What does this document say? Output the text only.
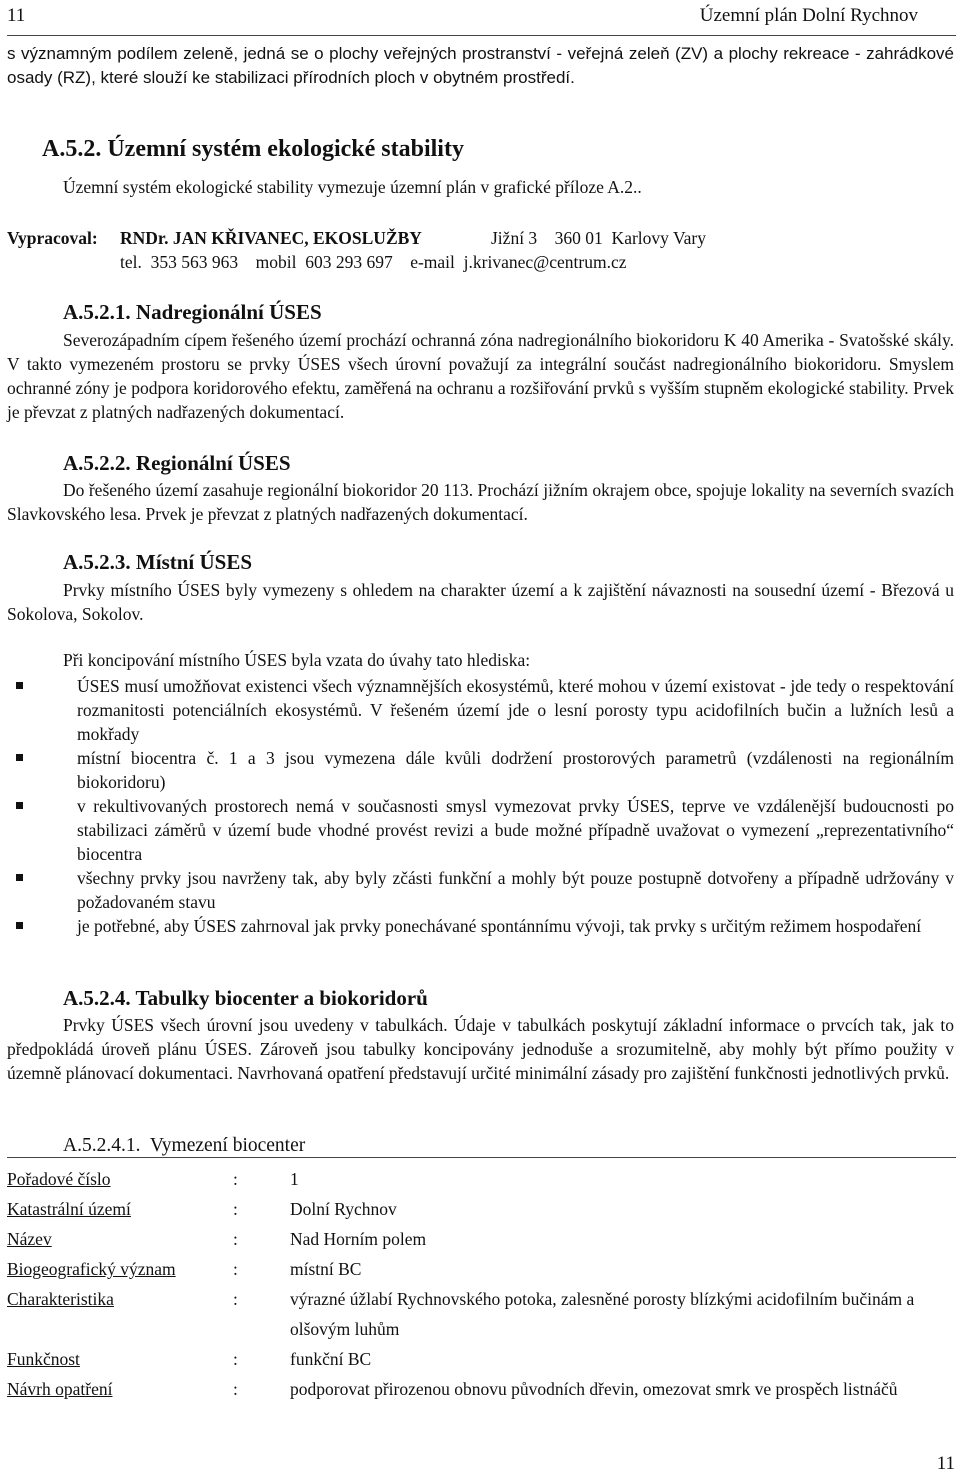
11	Územní plán Dolní Rychnov
s významným podílem zeleně, jedná se o plochy veřejných prostranství - veřejná zeleň (ZV) a plochy rekreace - zahrádkové osady (RZ), které slouží ke stabilizaci přírodních ploch v obytném prostředí.
A.5.2. Územní systém ekologické stability
Územní systém ekologické stability vymezuje územní plán v grafické příloze A.2..
Vypracoval: RNDr. JAN KŘIVANEC, EKOSLUŽBY	Jižní 3    360 01  Karlovy Vary
tel.  353 563 963    mobil  603 293 697    e-mail  j.krivanec@centrum.cz
A.5.2.1. Nadregionální ÚSES
Severozápadním cípem řešeného území prochází ochranná zóna nadregionálního biokoridoru K 40 Amerika - Svatošské skály. V takto vymezeném prostoru se prvky ÚSES všech úrovní považují za integrální součást nadregionálního biokoridoru. Smyslem ochranné zóny je podpora koridorového efektu, zaměřená na ochranu a rozšiřování prvků s vyšším stupněm ekologické stability. Prvek je převzat z platných nadřazených dokumentací.
A.5.2.2. Regionální ÚSES
Do řešeného území zasahuje regionální biokoridor 20 113. Prochází jižním okrajem obce, spojuje lokality na severních svazích Slavkovského lesa. Prvek je převzat z platných nadřazených dokumentací.
A.5.2.3. Místní ÚSES
Prvky místního ÚSES byly vymezeny s ohledem na charakter území a k zajištění návaznosti na sousední území - Březová u Sokolova, Sokolov.
Při koncipování místního ÚSES byla vzata do úvahy tato hlediska:
ÚSES musí umožňovat existenci všech významnějších ekosystémů, které mohou v území existovat - jde tedy o respektování rozmanitosti potenciálních ekosystémů. V řešeném území jde o lesní porosty typu acidofilních bučin a lužních lesů a mokřady
místní biocentra č. 1 a 3 jsou vymezena dále kvůli dodržení prostorových parametrů (vzdálenosti na regionálním biokoridoru)
v rekultivovaných prostorech nemá v současnosti smysl vymezovat prvky ÚSES, teprve ve vzdálenější budoucnosti po stabilizaci záměrů v území bude vhodné provést revizi a bude možné případně uvažovat o vymezení „reprezentativního“ biocentra
všechny prvky jsou navrženy tak, aby byly zčásti funkční a mohly být pouze postupně dotvořeny a případně udržovány v požadovaném stavu
je potřebné, aby ÚSES zahrnoval jak prvky ponechávané spontánnímu vývoji, tak prvky s určitým režimem hospodaření
A.5.2.4. Tabulky biocenter a biokoridorů
Prvky ÚSES všech úrovní jsou uvedeny v tabulkách. Údaje v tabulkách poskytují základní informace o prvcích tak, jak to předpokládá úroveň plánu ÚSES. Zároveň jsou tabulky koncipovány jednoduše a srozumitelně, aby mohly být přímo použity v územně plánovací dokumentaci. Navrhovaná opatření představují určité minimální zásady pro zajištění funkčnosti jednotlivých prvků.
A.5.2.4.1.  Vymezení biocenter
Pořadové číslo	:	1
Katastrální území	:	Dolní Rychnov
Název	:	Nad Horním polem
Biogeografický význam	:	místní BC
Charakteristika	:	výrazné úžlabí Rychnovského potoka, zalesněné porosty blízkými acidofilním bučinám a olšovým luhům
Funkčnost	:	funkční BC
Návrh opatření	:	podporovat přirozenou obnovu původních dřevin, omezovat smrk ve prospěch listnáčů
11
